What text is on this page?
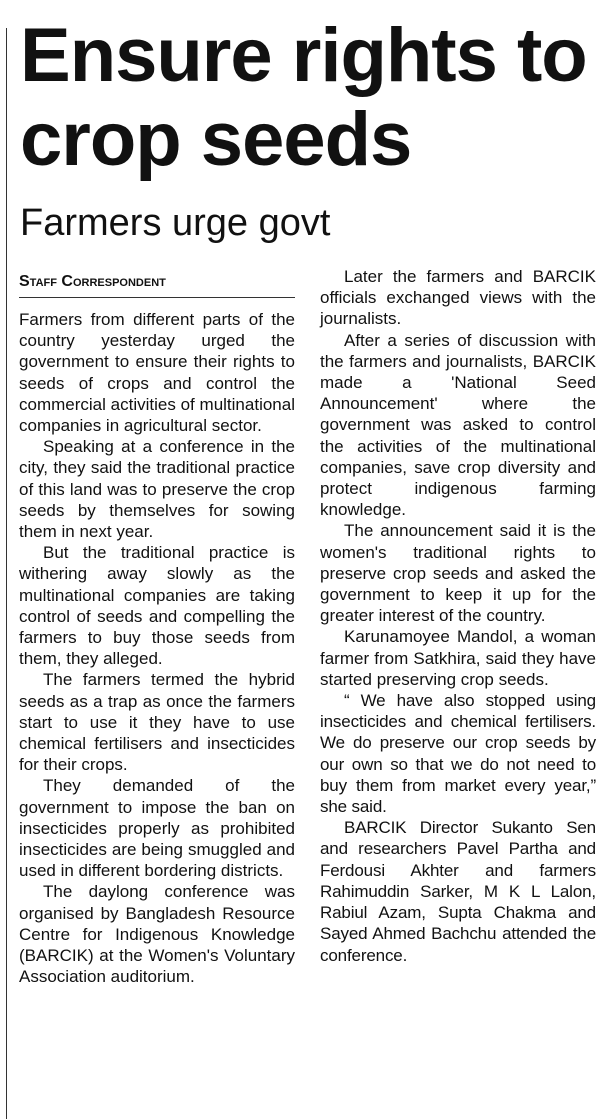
Ensure rights to crop seeds
Farmers urge govt
Staff Correspondent

Farmers from different parts of the country yesterday urged the government to ensure their rights to seeds of crops and control the commercial activities of multinational companies in agricultural sector.

Speaking at a conference in the city, they said the traditional practice of this land was to preserve the crop seeds by themselves for sowing them in next year.

But the traditional practice is withering away slowly as the multinational companies are taking control of seeds and compelling the farmers to buy those seeds from them, they alleged.

The farmers termed the hybrid seeds as a trap as once the farmers start to use it they have to use chemical fertilisers and insecticides for their crops.

They demanded of the government to impose the ban on insecticides properly as prohibited insecticides are being smuggled and used in different bordering districts.

The daylong conference was organised by Bangladesh Resource Centre for Indigenous Knowledge (BARCIK) at the Women's Voluntary Association auditorium.

Later the farmers and BARCIK officials exchanged views with the journalists.

After a series of discussion with the farmers and journalists, BARCIK made a 'National Seed Announcement' where the government was asked to control the activities of the multinational companies, save crop diversity and protect indigenous farming knowledge.

The announcement said it is the women's traditional rights to preserve crop seeds and asked the government to keep it up for the greater interest of the country.

Karunamoyee Mandol, a woman farmer from Satkhira, said they have started preserving crop seeds.

“ We have also stopped using insecticides and chemical fertilisers. We do preserve our crop seeds by our own so that we do not need to buy them from market every year,” she said.

BARCIK Director Sukanto Sen and researchers Pavel Partha and Ferdousi Akhter and farmers Rahimuddin Sarker, M K L Lalon, Rabiul Azam, Supta Chakma and Sayed Ahmed Bachchu attended the conference.
